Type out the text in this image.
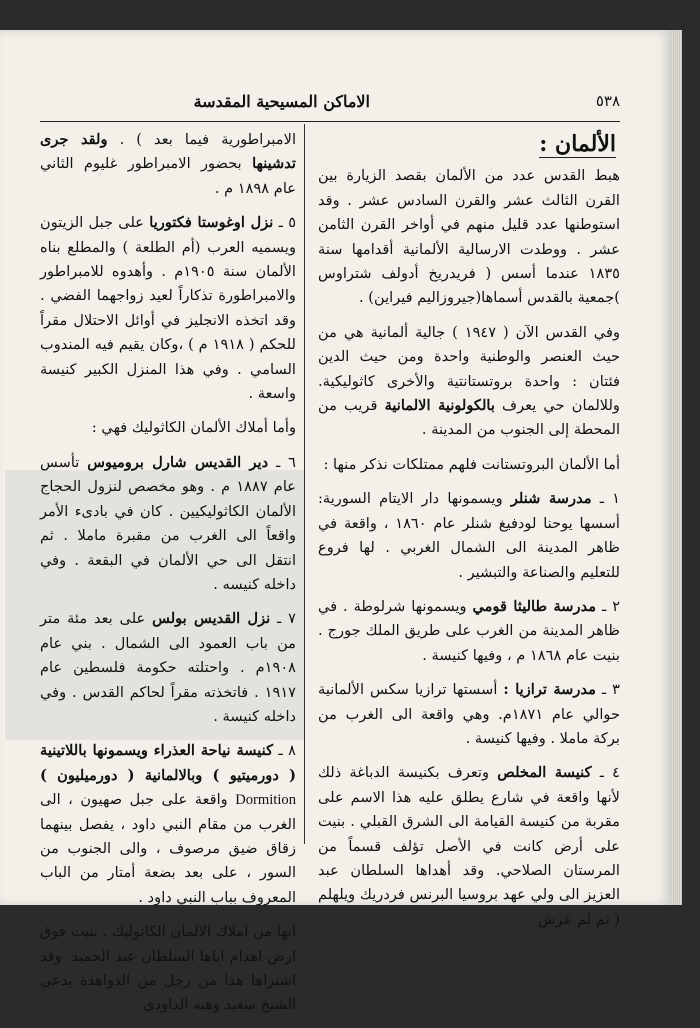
٥٣٨
الاماكن المسيحية المقدسة
الألمان :

هبط القدس عدد من الألمان بقصد الزيارة بين القرن الثالث عشر والقرن السادس عشر . وقد استوطنها عدد قليل منهم في أواخر القرن الثامن عشر . ووطدت الارسالية الألمانية أقدامها سنة ١٨٣٥ عندما أسس ( فريدريخ أدولف شتراوس )جمعية بالقدس أسماها(جيروزاليم فيراين) .

وفي القدس الآن ( ١٩٤٧ ) جالية ألمانية هي من حيث العنصر والوطنية واحدة ومن حيث الدين فئتان : واحدة بروتستانتية والأخرى كاثوليكية. وللالمان حي يعرف بالكولونية الالمانية قريب من المحطة إلى الجنوب من المدينة .

أما الألمان البروتستانت فلهم ممتلكات نذكر منها :

١ ـ مدرسة شنلر ويسمونها دار الايتام السورية: أسسها يوحنا لودفيغ شنلر عام ١٨٦٠ ، واقعة في ظاهر المدينة الى الشمال الغربي . لها فروع للتعليم والصناعة والتبشير .

٢ ـ مدرسة طاليثا قومي ويسمونها شرلوطة . في ظاهر المدينة من الغرب على طريق الملك جورج . بنيت عام ١٨٦٨ م ، وفيها كنيسة .

٣ ـ مدرسة ترازيا : أسستها ترازيا سكس الألمانية حوالي عام ١٨٧١م. وهي واقعة الى الغرب من بركة ماملا . وفيها كنيسة .

٤ ـ كنيسة المخلص وتعرف بكنيسة الدباغة ذلك لأنها واقعة في شارع يطلق عليه هذا الاسم على مقربة من كنيسة القيامة الى الشرق القبلي . بنيت على أرض كانت في الأصل تؤلف قسماً من المرستان الصلاحي. وقد أهداها السلطان عبد العزيز الى ولي عهد بروسيا البرنس فردريك ويلهلم ( ثم لم عرش

الامبراطورية فيما بعد ) . ولقد جرى تدشينها بحضور الامبراطور غليوم الثاني عام ١٨٩٨ م .

٥ ـ نزل اوغوستا فكتوريا على جبل الزيتون ويسميه العرب (أم الطلعة ) والمطلع بناه الألمان سنة ١٩٠٥م . وأهدوه للامبراطور والامبراطورة تذكاراً لعيد زواجهما الفضي . وقد اتخذه الانجليز في أوائل الاحتلال مقراً للحكم ( ١٩١٨ م ) ،وكان يقيم فيه المندوب السامي . وفي هذا المنزل الكبير كنيسة واسعة .

وأما أملاك الألمان الكاثوليك فهي :

٦ ـ دير القديس شارل بروميوس تأسس عام ١٨٨٧ م . وهو مخصص لنزول الحجاج الألمان الكاثوليكيين . كان في بادىء الأمر واقعاً الى الغرب من مقبرة ماملا . ثم انتقل الى حي الألمان في البقعة . وفي داخله كنيسه .

٧ ـ نزل القديس بولس على بعد مئة متر من باب العمود الى الشمال . بني عام ١٩٠٨م . واحتلته حكومة فلسطين عام ١٩١٧ . فاتخذته مقراً لحاكم القدس . وفي داخله كنيسة .

٨ ـ كنيسة نياحة العذراء ويسمونها باللاتينية ( دورميتيو ) وبالالمانية ( دورميليون ) Dormition واقعة على جبل صهيون ، الى الغرب من مقام النبي داود ، يفصل بينهما زقاق ضيق مرصوف ، والى الجنوب من السور ، على بعد بضعة أمتار من الباب المعروف بباب النبي داود .

انها من املاك الالمان الكاثوليك . بنيت فوق ارض اهدام اباها السلطان عبد الحميد. وقد اشتراها هذا من رجل من الدواهدة يدعى الشيخ سعيد وهبه الداودي .
